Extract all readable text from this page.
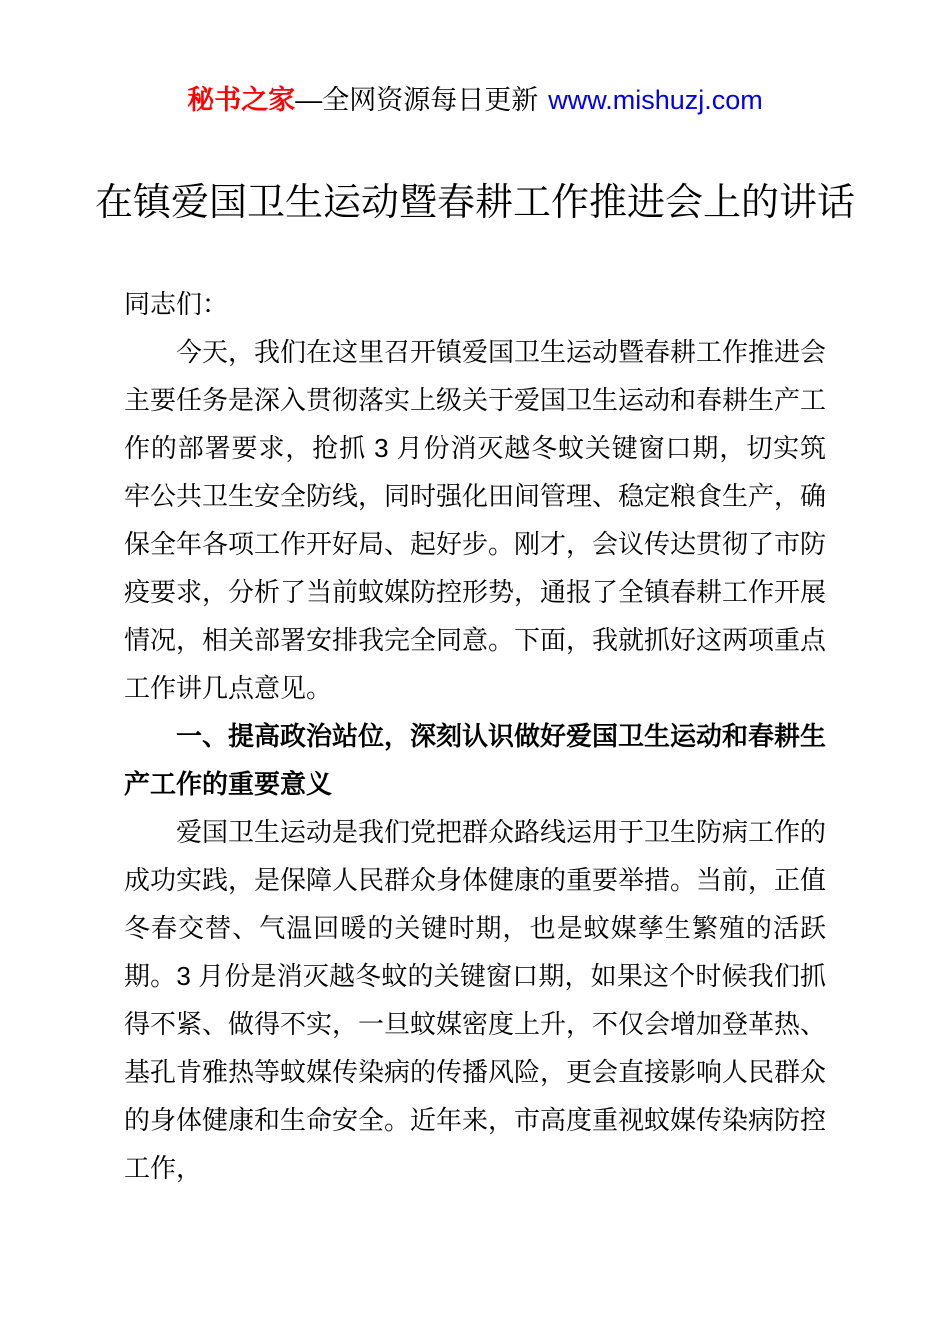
秘书之家—全网资源每日更新 www.mishuzj.com
在镇爱国卫生运动暨春耕工作推进会上的讲话

同志们：

今天，我们在这里召开镇爱国卫生运动暨春耕工作推进会主要任务是深入贯彻落实上级关于爱国卫生运动和春耕生产工作的部署要求，抢抓 3 月份消灭越冬蚊关键窗口期，切实筑牢公共卫生安全防线，同时强化田间管理、稳定粮食生产，确保全年各项工作开好局、起好步。刚才，会议传达贯彻了市防疫要求，分析了当前蚊媒防控形势，通报了全镇春耕工作开展情况，相关部署安排我完全同意。下面，我就抓好这两项重点工作讲几点意见。

一、提高政治站位，深刻认识做好爱国卫生运动和春耕生产工作的重要意义

爱国卫生运动是我们党把群众路线运用于卫生防病工作的成功实践，是保障人民群众身体健康的重要举措。当前，正值冬春交替、气温回暖的关键时期，也是蚊媒孳生繁殖的活跃期。3 月份是消灭越冬蚊的关键窗口期，如果这个时候我们抓得不紧、做得不实，一旦蚊媒密度上升，不仅会增加登革热、基孔肯雅热等蚊媒传染病的传播风险，更会直接影响人民群众的身体健康和生命安全。近年来，市高度重视蚊媒传染病防控工作，
